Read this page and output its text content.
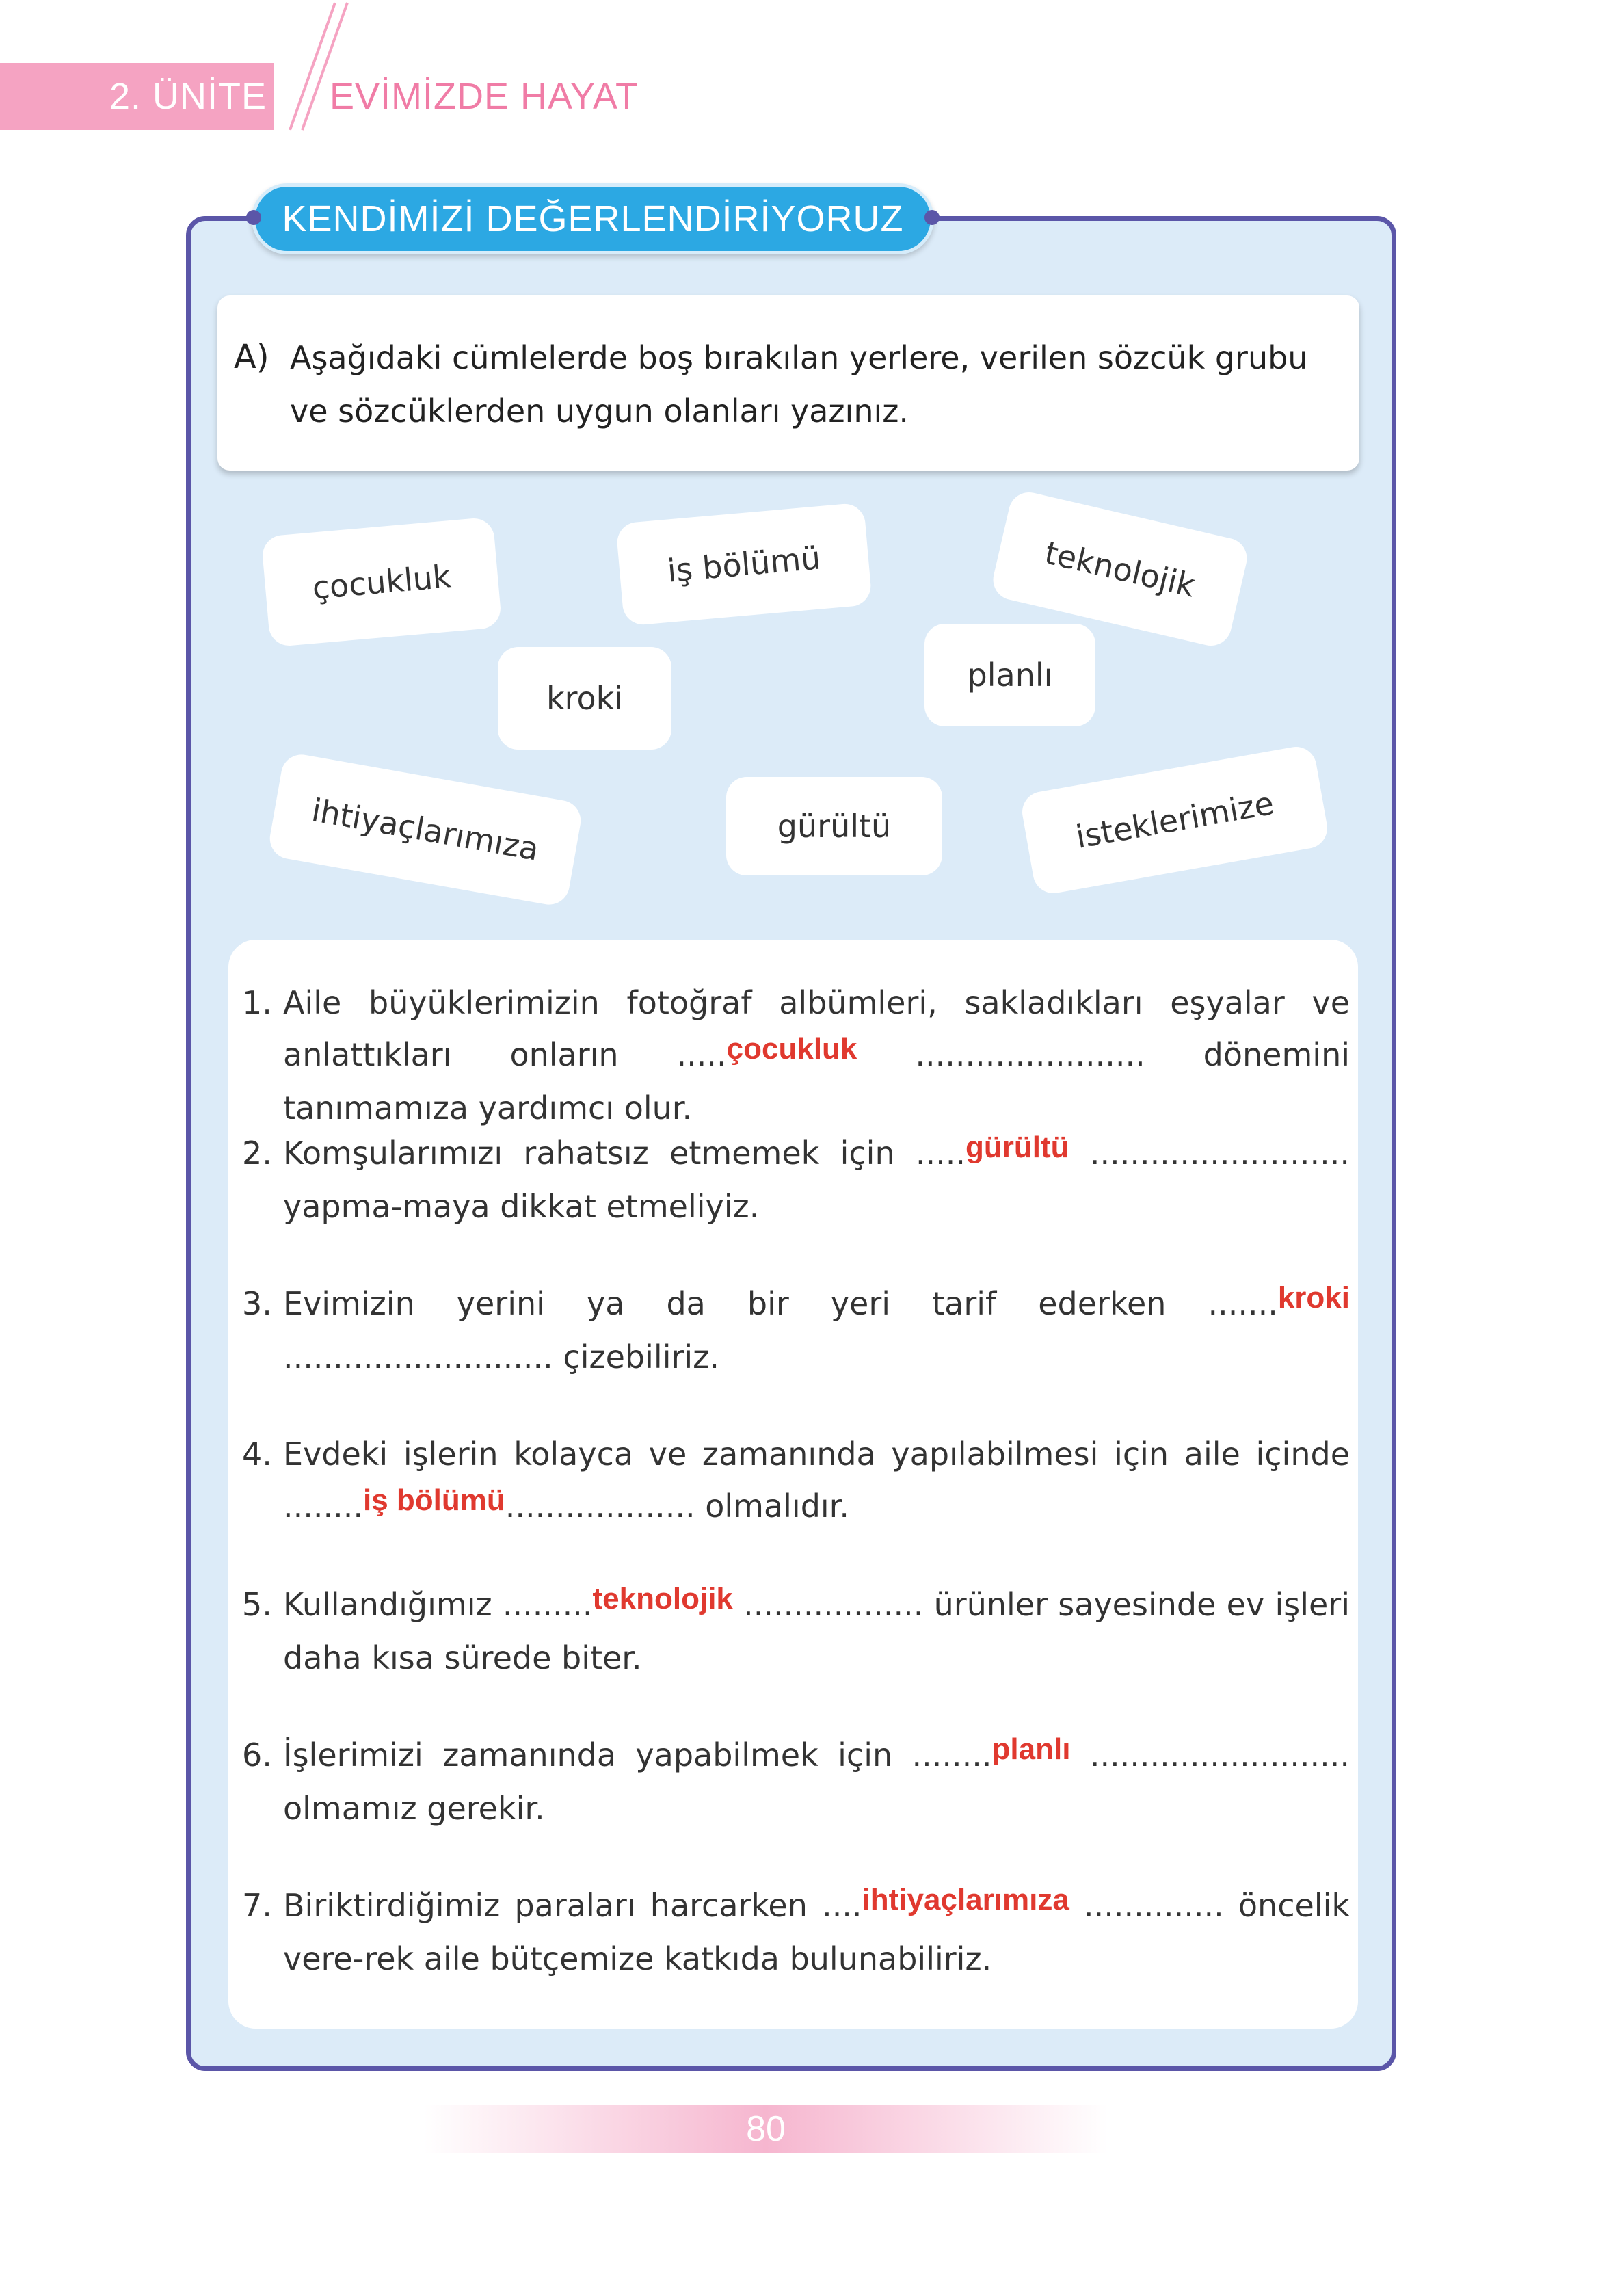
2. ÜNİTE EVİMİZDE HAYAT
KENDİMİZİ DEĞERLENDİRİYORUZ
A) Aşağıdaki cümlelerde boş bırakılan yerlere, verilen sözcük grubu ve sözcüklerden uygun olanları yazınız.
çocukluk	iş bölümü	teknolojik
kroki
planlı
ihtiyaçlarımıza	gürültü	isteklerimize
1. Aile büyüklerimizin fotoğraf albümleri, sakladıkları eşyalar ve anlattıkları onların .....çocukluk ....................... dönemini tanımamıza yardımcı olur.
2. Komşularımızı rahatsız etmemek için .....gürültü .......................... yapma-maya dikkat etmeliyiz.
3. Evimizin yerini ya da bir yeri tarif ederken .......kroki ........................... çizebiliriz.
4. Evdeki işlerin kolayca ve zamanında yapılabilmesi için aile içinde ........iş bölümü................... olmalıdır.
5. Kullandığımız .........teknolojik .................. ürünler sayesinde ev işleri daha kısa sürede biter.
6. İşlerimizi zamanında yapabilmek için ........planlı .......................... olmamız gerekir.
7. Biriktirdiğimiz paraları harcarken ....ihtiyaçlarımıza .............. öncelik vere-rek aile bütçemize katkıda bulunabiliriz.
80
